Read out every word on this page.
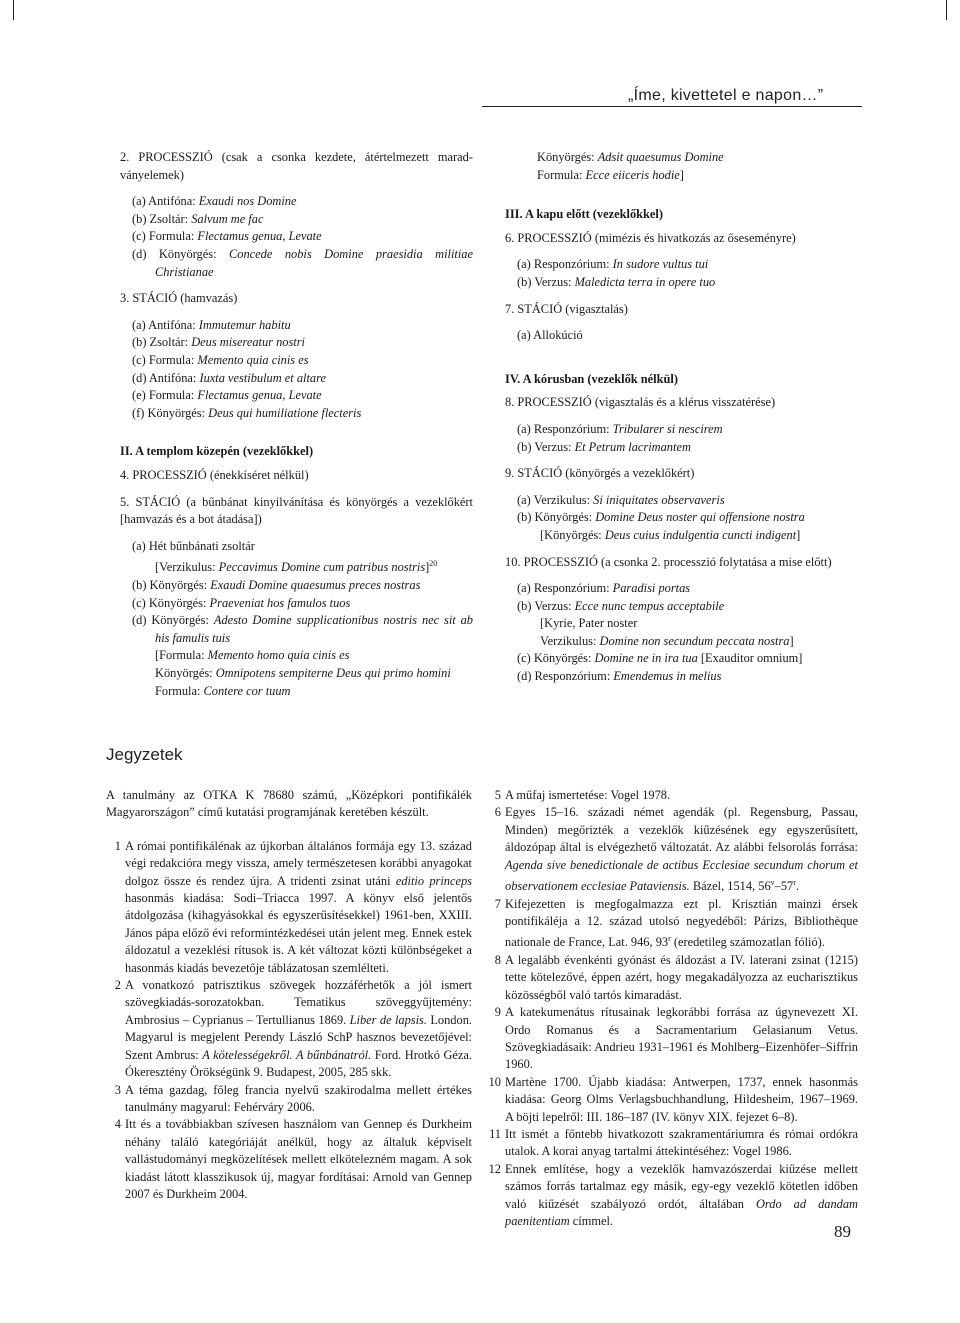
„Íme, kivettetel e napon…”

2. PROCESSZIÓ (csak a csonka kezdete, átértelmezett marad-ványelemek)

(a) Antifóna: Exaudi nos Domine

(b) Zsoltár: Salvum me fac

(c) Formula: Flectamus genua, Levate

(d) Könyörgés: Concede nobis Domine praesidia militiae Christianae

3. STÁCIÓ (hamvazás)

(a) Antifóna: Immutemur habitu

(b) Zsoltár: Deus misereatur nostri

(c) Formula: Memento quia cinis es

(d) Antifóna: Iuxta vestibulum et altare

(e) Formula: Flectamus genua, Levate

(f) Könyörgés: Deus qui humiliatione flecteris

II. A templom közepén (vezeklőkkel)

4. PROCESSZIÓ (énekkíséret nélkül)

5. STÁCIÓ (a bűnbánat kinyilvánítása és könyörgés a vezeklőkért [hamvazás és a bot átadása])

(a) Hét bűnbánati zsoltár

[Verzikulus: Peccavimus Domine cum patribus nostris]$^{20}$

(b) Könyörgés: Exaudi Domine quaesumus preces nostras

(c) Könyörgés: Praeveniat hos famulos tuos

(d) Könyörgés: Adesto Domine supplicationibus nostris nec sit ab his famulis tuis

[Formula: Memento homo quia cinis es

Könyörgés: Omnipotens sempiterne Deus qui primo homini

Formula: Contere cor tuum

Könyörgés: Adsit quaesumus Domine

Formula: Ecce eiiceris hodie]

III. A kapu előtt (vezeklőkkel)

6. PROCESSZIÓ (mimézis és hivatkozás az őseseményre)

(a) Responzórium: In sudore vultus tui

(b) Verzus: Maledicta terra in opere tuo

7. STÁCIÓ (vigasztalás)

(a) Allokúció

IV. A kórusban (vezeklők nélkül)

8. PROCESSZIÓ (vigasztalás és a klérus visszatérése)

(a) Responzórium: Tribularer si nescirem

(b) Verzus: Et Petrum lacrimantem

9. STÁCIÓ (könyörgés a vezeklőkért)

(a) Verzikulus: Si iniquitates observaveris

(b) Könyörgés: Domine Deus noster qui offensione nostra

[Könyörgés: Deus cuius indulgentia cuncti indigent]

10. PROCESSZIÓ (a csonka 2. processzió folytatása a mise előtt)

(a) Responzórium: Paradisi portas

(b) Verzus: Ecce nunc tempus acceptabile

[Kyrie, Pater noster

Verzikulus: Domine non secundum peccata nostra]

(c) Könyörgés: Domine ne in ira tua [Exauditor omnium]

(d) Responzórium: Emendemus in melius

Jegyzetek

A tanulmány az OTKA K 78680 számú, „Középkori pontifikálék Magyarországon” című kutatási programjának keretében készült.

1 A római pontifikálénak az újkorban általános formája egy 13. század végi redakcióra megy vissza, amely természetesen korábbi anyagokat dolgoz össze és rendez újra. A tridenti zsinat utáni editio princeps hasonmás kiadása: Sodi–Triacca 1997. A könyv első jelentős átdolgozása (kihagyásokkal és egyszerűsítésekkel) 1961-ben, XXIII. János pápa előző évi reformintézkedései után jelent meg. Ennek estek áldozatul a vezeklési rítusok is. A két változat közti különbségeket a hasonmás kiadás bevezetője táblázatosan szemlélteti.
2 A vonatkozó patrisztikus szövegek hozzáférhetők a jól ismert szövegkiadás-sorozatokban. Tematikus szöveggyűjtemény: Ambrosius – Cyprianus – Tertullianus 1869. Liber de lapsis. London. Magyarul is megjelent Perendy László SchP hasznos bevezetőjével: Szent Ambrus: A kötelességekről. A bűnbánatról. Ford. Hrotkó Géza. Ókeresztény Örökségünk 9. Budapest, 2005, 285 skk.
3 A téma gazdag, főleg francia nyelvű szakirodalma mellett értékes tanulmány magyarul: Fehérváry 2006.
4 Itt és a továbbiakban szívesen használom van Gennep és Durkheim néhány találó kategóriáját anélkül, hogy az általuk képviselt vallástudományi megközelítések mellett elkötelezném magam. A sok kiadást látott klasszikusok új, magyar fordításai: Arnold van Gennep 2007 és Durkheim 2004.
5 A műfaj ismertetése: Vogel 1978.
6 Egyes 15–16. századi német agendák (pl. Regensburg, Passau, Minden) megőrizték a vezeklők kiűzésének egy egyszerűsített, áldozópap által is elvégezhető változatát. Az alábbi felsorolás forrása: Agenda sive benedictionale de actibus Ecclesiae secundum chorum et observationem ecclesiae Pataviensis. Bázel, 1514, 56$^v$–57$^r$.
7 Kifejezetten is megfogalmazza ezt pl. Krisztián mainzi érsek pontifikáléja a 12. század utolsó negyedéből: Párizs, Bibliothèque nationale de France, Lat. 946, 93$^r$ (eredetileg számozatlan fólió).
8 A legalább évenkénti gyónást és áldozást a IV. laterani zsinat (1215) tette kötelezővé, éppen azért, hogy megakadályozza az eucharisztikus közösségből való tartós kimaradást.
9 A katekumenátus rítusainak legkorábbi forrása az úgynevezett XI. Ordo Romanus és a Sacramentarium Gelasianum Vetus. Szövegkiadásaik: Andrieu 1931–1961 és Mohlberg–Eizenhöfer–Siffrin 1960.
10 Martène 1700. Újabb kiadása: Antwerpen, 1737, ennek hasonmás kiadása: Georg Olms Verlagsbuchhandlung, Hildesheim, 1967–1969. A böjti lepelről: III. 186–187 (IV. könyv XIX. fejezet 6–8).
11 Itt ismét a főntebb hivatkozott szakramentáriumra és római ordókra utalok. A korai anyag tartalmi áttekintéséhez: Vogel 1986.
12 Ennek említése, hogy a vezeklők hamvazószerdai kiűzése mellett számos forrás tartalmaz egy másik, egy-egy vezeklő kötetlen időben való kiűzését szabályozó ordót, általában Ordo ad dandam paenitentiam címmel.
89
